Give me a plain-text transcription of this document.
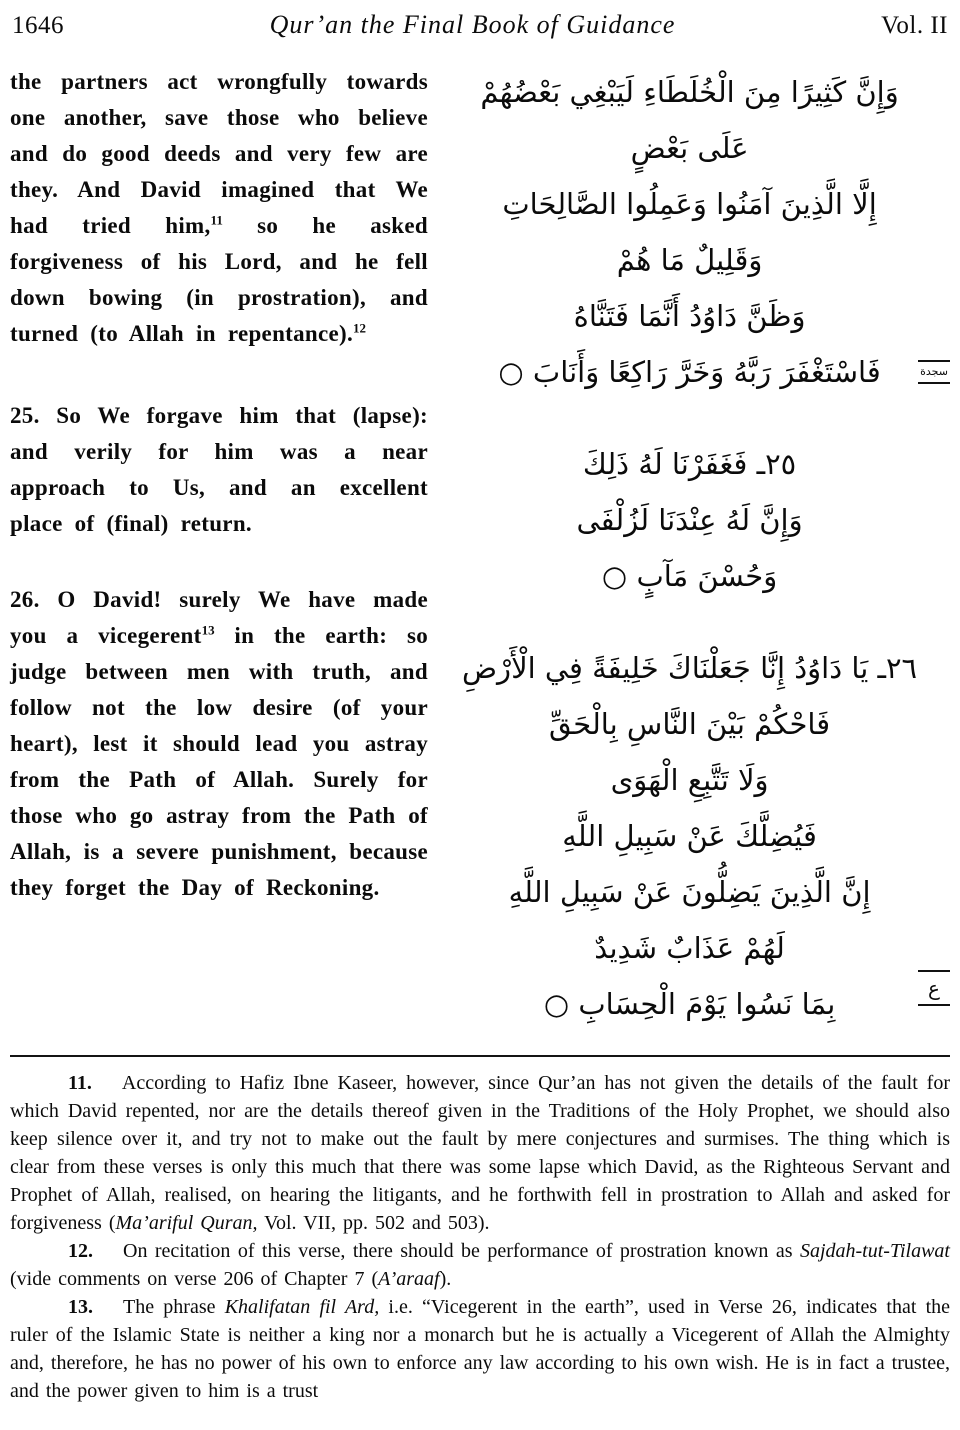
1646	Qur’an the Final Book of Guidance	Vol. II

the partners act wrongfully towards one another, save those who believe and do good deeds and very few are they. And David imagined that We had tried him,$^{11}$ so he asked forgiveness of his Lord, and he fell down bowing (in prostration), and turned (to Allah in repentance).$^{12}$

25. So We forgave him that (lapse): and verily for him was a near approach to Us, and an excellent place of (final) return.

26. O David! surely We have made you a vicegerent$^{13}$ in the earth: so judge between men with truth, and follow not the low desire (of your heart), lest it should lead you astray from the Path of Allah. Surely for those who go astray from the Path of Allah, is a severe punishment, because they forget the Day of Reckoning.

وَإِنَّ كَثِيرًا مِنَ الْخُلَطَاءِ لَيَبْغِي بَعْضُهُمْ
عَلَى بَعْضٍ
إِلَّا الَّذِينَ آمَنُوا وَعَمِلُوا الصَّالِحَاتِ
وَقَلِيلٌ مَا هُمْ
وَظَنَّ دَاوُدُ أَنَّمَا فَتَنَّاهُ
فَاسْتَغْفَرَ رَبَّهُ وَخَرَّ رَاكِعًا وَأَنَابَ ○
٢٥ـ فَغَفَرْنَا لَهُ ذَلِكَ
وَإِنَّ لَهُ عِنْدَنَا لَزُلْفَى
وَحُسْنَ مَآبٍ ○
٢٦ـ يَا دَاوُدُ إِنَّا جَعَلْنَاكَ خَلِيفَةً فِي الْأَرْضِ
فَاحْكُمْ بَيْنَ النَّاسِ بِالْحَقِّ
وَلَا تَتَّبِعِ الْهَوَى
فَيُضِلَّكَ عَنْ سَبِيلِ اللَّهِ
إِنَّ الَّذِينَ يَضِلُّونَ عَنْ سَبِيلِ اللَّهِ
لَهُمْ عَذَابٌ شَدِيدٌ
بِمَا نَسُوا يَوْمَ الْحِسَابِ ○
سجدة
ع

11. According to Hafiz Ibne Kaseer, however, since Qur’an has not given the details of the fault for which David repented, nor are the details thereof given in the Traditions of the Holy Prophet, we should also keep silence over it, and try not to make out the fault by mere conjectures and surmises. The thing which is clear from these verses is only this much that there was some lapse which David, as the Righteous Servant and Prophet of Allah, realised, on hearing the litigants, and he forthwith fell in prostration to Allah and asked for forgiveness (Ma’ariful Quran, Vol. VII, pp. 502 and 503).

12. On recitation of this verse, there should be performance of prostration known as Sajdah-tut-Tilawat (vide comments on verse 206 of Chapter 7 (A’araaf).

13. The phrase Khalifatan fil Ard, i.e. “Vicegerent in the earth”, used in Verse 26, indicates that the ruler of the Islamic State is neither a king nor a monarch but he is actually a Vicegerent of Allah the Almighty and, therefore, he has no power of his own to enforce any law according to his own wish. He is in fact a trustee, and the power given to him is a trust
